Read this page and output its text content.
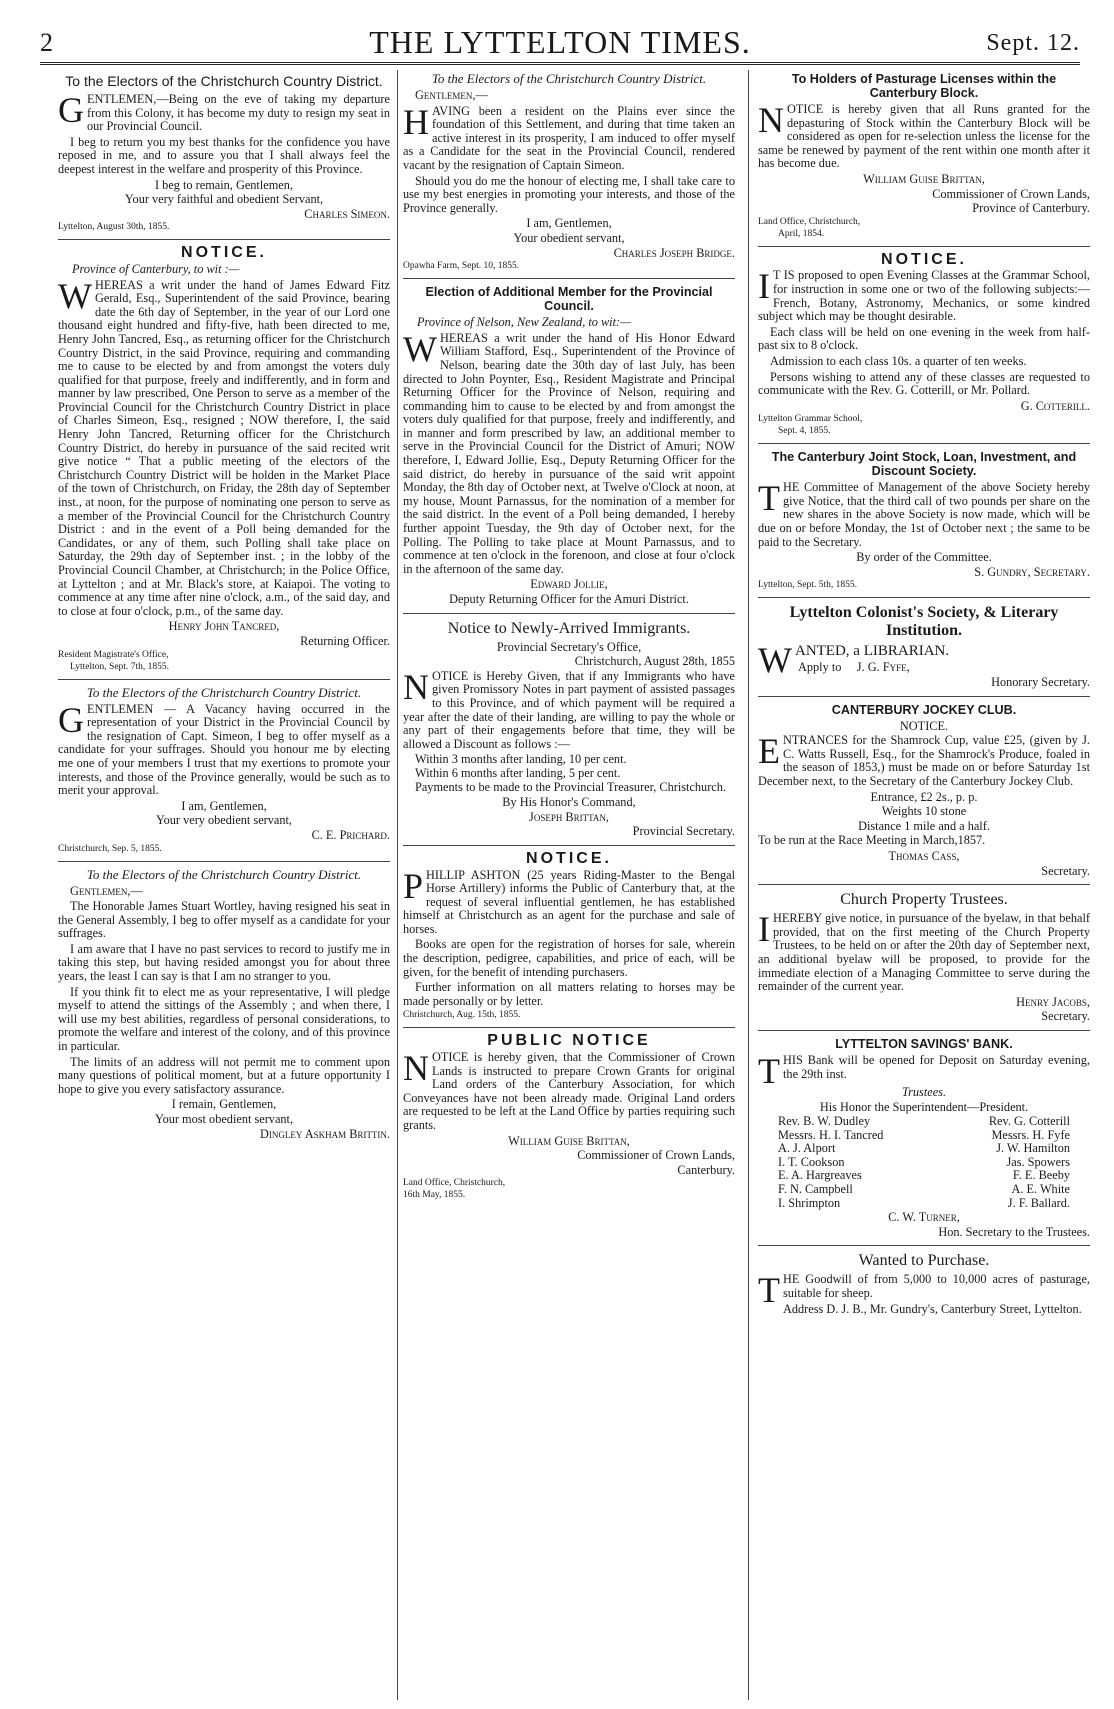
2	THE LYTTELTON TIMES.	Sept. 12.
To the Electors of the Christchurch Country District.

GENTLEMEN,—Being on the eve of taking my departure from this Colony, it has become my duty to resign my seat in our Provincial Council.

I beg to return you my best thanks for the confidence you have reposed in me, and to assure you that I shall always feel the deepest interest in the welfare and prosperity of this Province.

I beg to remain, Gentlemen,
Your very faithful and obedient Servant,
Charles Simeon.
Lyttelton, August 30th, 1855.
NOTICE.
Province of Canterbury, to wit :—

WHEREAS a writ under the hand of James Edward Fitz Gerald, Esq., Superintendent of the said Province, bearing date the 6th day of September, in the year of our Lord one thousand eight hundred and fifty-five, hath been directed to me, Henry John Tancred, Esq., as returning officer for the Christchurch Country District, in the said Province, requiring and commanding me to cause to be elected by and from amongst the voters duly qualified for that purpose, freely and indifferently, and in form and manner by law prescribed, One Person to serve as a member of the Provincial Council for the Christchurch Country District in place of Charles Simeon, Esq., resigned ; NOW therefore, I, the said Henry John Tancred, Returning officer for the Christchurch Country District, do hereby in pursuance of the said recited writ give notice “ That a public meeting of the electors of the Christchurch Country District will be holden in the Market Place of the town of Christchurch, on Friday, the 28th day of September inst., at noon, for the purpose of nominating one person to serve as a member of the Provincial Council for the Christchurch Country District : and in the event of a Poll being demanded for the Candidates, or any of them, such Polling shall take place on Saturday, the 29th day of September inst. ; in the lobby of the Provincial Council Chamber, at Christchurch; in the Police Office, at Lyttelton ; and at Mr. Black's store, at Kaiapoi. The voting to commence at any time after nine o'clock, a.m., of the said day, and to close at four o'clock, p.m., of the same day.

Henry John Tancred,
Returning Officer.
Resident Magistrate's Office,
Lyttelton, Sept. 7th, 1855.
To the Electors of the Christchurch Country District.

GENTLEMEN — A Vacancy having occurred in the representation of your District in the Provincial Council by the resignation of Capt. Simeon, I beg to offer myself as a candidate for your suffrages. Should you honour me by electing me one of your members I trust that my exertions to promote your interests, and those of the Province generally, would be such as to merit your approval.

I am, Gentlemen,
Your very obedient servant,
C. E. Prichard.
Christchurch, Sep. 5, 1855.
To the Electors of the Christchurch Country District.

Gentlemen,—

The Honorable James Stuart Wortley, having resigned his seat in the General Assembly, I beg to offer myself as a candidate for your suffrages.

I am aware that I have no past services to record to justify me in taking this step, but having resided amongst you for about three years, the least I can say is that I am no stranger to you.

If you think fit to elect me as your representative, I will pledge myself to attend the sittings of the Assembly ; and when there, I will use my best abilities, regardless of personal considerations, to promote the welfare and interest of the colony, and of this province in particular.

The limits of an address will not permit me to comment upon many questions of political moment, but at a future opportunity I hope to give you every satisfactory assurance.

I remain, Gentlemen,
Your most obedient servant,
Dingley Askham Brittin.
To the Electors of the Christchurch Country District.

Gentlemen,—

HAVING been a resident on the Plains ever since the foundation of this Settlement, and during that time taken an active interest in its prosperity, I am induced to offer myself as a Candidate for the seat in the Provincial Council, rendered vacant by the resignation of Captain Simeon.

Should you do me the honour of electing me, I shall take care to use my best energies in promoting your interests, and those of the Province generally.

I am, Gentlemen,
Your obedient servant,
Charles Joseph Bridge.
Opawha Farm, Sept. 10, 1855.
Election of Additional Member for the Provincial Council.
Province of Nelson, New Zealand, to wit:—

WHEREAS a writ under the hand of His Honor Edward William Stafford, Esq., Superintendent of the Province of Nelson, bearing date the 30th day of last July, has been directed to John Poynter, Esq., Resident Magistrate and Principal Returning Officer for the Province of Nelson, requiring and commanding him to cause to be elected by and from amongst the voters duly qualified for that purpose, freely and indifferently, and in manner and form prescribed by law, an additional member to serve in the Provincial Council for the District of Amuri; NOW therefore, I, Edward Jollie, Esq., Deputy Returning Officer for the said district, do hereby in pursuance of the said writ appoint Monday, the 8th day of October next, at Twelve o'Clock at noon, at my house, Mount Parnassus, for the nomination of a member for the said district. In the event of a Poll being demanded, I hereby further appoint Tuesday, the 9th day of October next, for the Polling. The Polling to take place at Mount Parnassus, and to commence at ten o'clock in the forenoon, and close at four o'clock in the afternoon of the same day.

Edward Jollie,
Deputy Returning Officer for the Amuri District.
Notice to Newly-Arrived Immigrants.
Provincial Secretary's Office,
Christchurch, August 28th, 1855

NOTICE is Hereby Given, that if any Immigrants who have given Promissory Notes in part payment of assisted passages to this Province, and of which payment will be required a year after the date of their landing, are willing to pay the whole or any part of their engagements before that time, they will be allowed a Discount as follows :—

Within 3 months after landing, 10 per cent.
Within 6 months after landing, 5 per cent.

Payments to be made to the Provincial Treasurer, Christchurch.

By His Honor's Command,
Joseph Brittan,
Provincial Secretary.
NOTICE.

PHILLIP ASHTON (25 years Riding-Master to the Bengal Horse Artillery) informs the Public of Canterbury that, at the request of several influential gentlemen, he has established himself at Christchurch as an agent for the purchase and sale of horses.

Books are open for the registration of horses for sale, wherein the description, pedigree, capabilities, and price of each, will be given, for the benefit of intending purchasers.

Further information on all matters relating to horses may be made personally or by letter.

Christchurch, Aug. 15th, 1855.
PUBLIC NOTICE

NOTICE is hereby given, that the Commissioner of Crown Lands is instructed to prepare Crown Grants for original Land orders of the Canterbury Association, for which Conveyances have not been already made. Original Land orders are requested to be left at the Land Office by parties requiring such grants.

William Guise Brittan,
Commissioner of Crown Lands,
Canterbury.
Land Office, Christchurch,
16th May, 1855.
To Holders of Pasturage Licenses within the Canterbury Block.

NOTICE is hereby given that all Runs granted for the depasturing of Stock within the Canterbury Block will be considered as open for re-selection unless the license for the same be renewed by payment of the rent within one month after it has become due.

William Guise Brittan,
Commissioner of Crown Lands,
Province of Canterbury.
Land Office, Christchurch,
April, 1854.
NOTICE.

I T IS proposed to open Evening Classes at the Grammar School, for instruction in some one or two of the following subjects:—French, Botany, Astronomy, Mechanics, or some kindred subject which may be thought desirable.

Each class will be held on one evening in the week from half-past six to 8 o'clock.

Admission to each class 10s. a quarter of ten weeks.

Persons wishing to attend any of these classes are requested to communicate with the Rev. G. Cotterill, or Mr. Pollard.

G. Cotterill.
Lyttelton Grammar School,
Sept. 4, 1855.
The Canterbury Joint Stock, Loan, Investment, and Discount Society.

THE Committee of Management of the above Society hereby give Notice, that the third call of two pounds per share on the new shares in the above Society is now made, which will be due on or before Monday, the 1st of October next ; the same to be paid to the Secretary.

By order of the Committee.
S. Gundry, Secretary.
Lyttelton, Sept. 5th, 1855.
Lyttelton Colonist's Society, & Literary Institution.

WANTED, a LIBRARIAN.

Apply to J. G. Fyfe,
Honorary Secretary.
CANTERBURY JOCKEY CLUB.
NOTICE.

ENTRANCES for the Shamrock Cup, value £25, (given by J. C. Watts Russell, Esq., for the Shamrock's Produce, foaled in the season of 1853,) must be made on or before Saturday 1st December next, to the Secretary of the Canterbury Jockey Club.

Entrance, £2 2s., p. p.
Weights 10 stone
Distance 1 mile and a half.

To be run at the Race Meeting in March,1857.

Thomas Cass,
Secretary.
Church Property Trustees.

IHEREBY give notice, in pursuance of the byelaw, in that behalf provided, that on the first meeting of the Church Property Trustees, to be held on or after the 20th day of September next, an additional byelaw will be proposed, to provide for the immediate election of a Managing Committee to serve during the remainder of the current year.

Henry Jacobs,
Secretary.
LYTTELTON SAVINGS' BANK.

THIS Bank will be opened for Deposit on Saturday evening, the 29th inst.

Trustees.
His Honor the Superintendent—President.
Rev. B. W. Dudley	Rev. G. Cotterill
Messrs. H. I. Tancred	Messrs. H. Fyfe
A. J. Alport	J. W. Hamilton
I. T. Cookson	Jas. Spowers
E. A. Hargreaves	F. E. Beeby
F. N. Campbell	A. E. White
I. Shrimpton	J. F. Ballard.
C. W. Turner,
Hon. Secretary to the Trustees.
Wanted to Purchase.

THE Goodwill of from 5,000 to 10,000 acres of pasturage, suitable for sheep.

Address D. J. B., Mr. Gundry's, Canterbury Street, Lyttelton.
